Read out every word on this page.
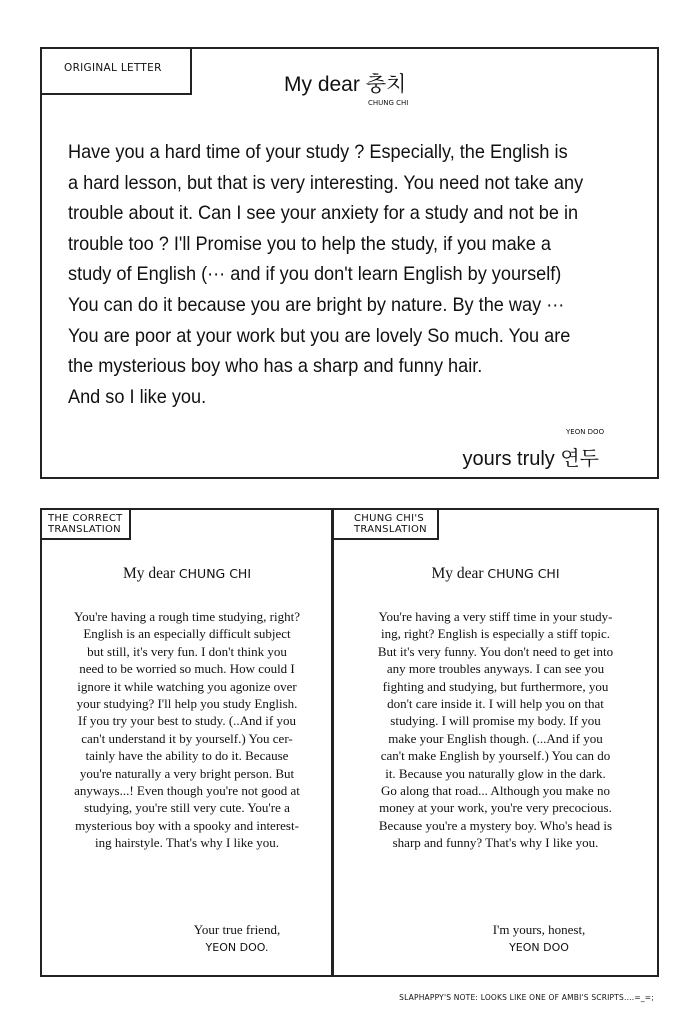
ORIGINAL LETTER
My dear 충치
CHUNG CHI
Have you a hard time of your study ? Especially, the English is
a hard lesson, but that is very interesting. You need not take any
trouble about it. Can I see your anxiety for a study and not be in
trouble too ? I'll Promise you to help the study, if you make a
study of English (··· and if you don't learn English by yourself)
You can do it because you are bright by nature. By the way ···
You are poor at your work but you are lovely So much. You are
the mysterious boy who has a sharp and funny hair.
And so I like you.
YEON DOO
yours truly 연두
THE CORRECT
TRANSLATION
My dear CHUNG CHI
You're having a rough time studying, right?
English is an especially difficult subject
but still, it's very fun. I don't think you
need to be worried so much. How could I
ignore it while watching you agonize over
your studying? I'll help you study English.
If you try your best to study. (..And if you
can't understand it by yourself.) You cer-
tainly have the ability to do it. Because
you're naturally a very bright person. But
anyways...! Even though you're not good at
studying, you're still very cute. You're a
mysterious boy with a spooky and interest-
ing hairstyle. That's why I like you.
Your true friend,
YEON DOO.
CHUNG CHI'S
TRANSLATION
My dear CHUNG CHI
You're having a very stiff time in your study-
ing, right? English is especially a stiff topic.
But it's very funny. You don't need to get into
any more troubles anyways. I can see you
fighting and studying, but furthermore, you
don't care inside it. I will help you on that
studying. I will promise my body. If you
make your English though. (...And if you
can't make English by yourself.) You can do
it. Because you naturally glow in the dark.
Go along that road... Although you make no
money at your work, you're very precocious.
Because you're a mystery boy. Who's head is
sharp and funny? That's why I like you.
I'm yours, honest,
YEON DOO
SLAPHAPPY'S NOTE: LOOKS LIKE ONE OF AMBI'S SCRIPTS....=_=;
